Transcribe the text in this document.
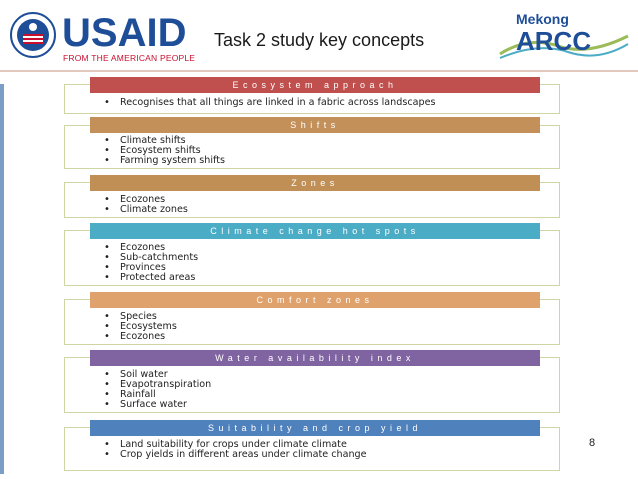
USAID
FROM THE AMERICAN PEOPLE
Task 2 study key concepts
Mekong
ARCC
Ecosystem approach
• Recognises that all things are linked in a fabric across landscapes
Shifts
• Climate shifts
• Ecosystem shifts
• Farming system shifts
Zones
• Ecozones
• Climate zones
Climate change hot spots
• Ecozones
• Sub-catchments
• Provinces
• Protected areas
Comfort zones
• Species
• Ecosystems
• Ecozones
Water availability index
• Soil water
• Evapotranspiration
• Rainfall
• Surface water
Suitability and crop yield
• Land suitability for crops under climate climate
• Crop yields in different areas under climate change
8
